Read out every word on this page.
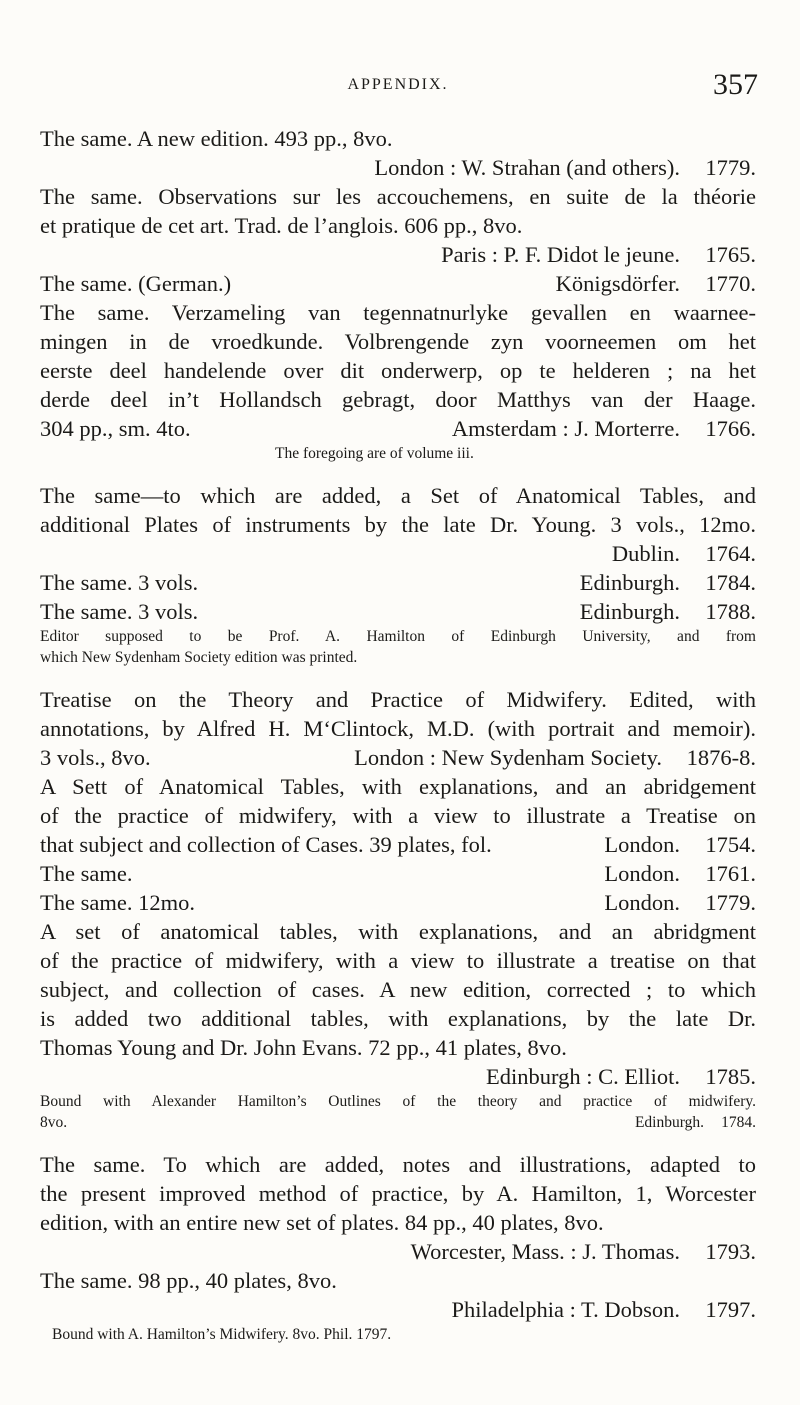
APPENDIX.	357
The same. A new edition. 493 pp., 8vo.
London : W. Strahan (and others).	1779.
The same. Observations sur les accouchemens, en suite de la théorie
et pratique de cet art. Trad. de l’anglois. 606 pp., 8vo.
Paris : P. F. Didot le jeune.	1765.
The same. (German.)	Königsdörfer.	1770.
The same. Verzameling van tegennatnurlyke gevallen en waarnee-
mingen in de vroedkunde. Volbrengende zyn voorneemen om het
eerste deel handelende over dit onderwerp, op te helderen ; na het
derde deel in’t Hollandsch gebragt, door Matthys van der Haage.
304 pp., sm. 4to.	Amsterdam : J. Morterre.	1766.
The foregoing are of volume iii.
The same—to which are added, a Set of Anatomical Tables, and
additional Plates of instruments by the late Dr. Young. 3 vols., 12mo.
Dublin.	1764.
The same. 3 vols.	Edinburgh.	1784.
The same. 3 vols.	Edinburgh.	1788.
Editor supposed to be Prof. A. Hamilton of Edinburgh University, and from
which New Sydenham Society edition was printed.
Treatise on the Theory and Practice of Midwifery. Edited, with
annotations, by Alfred H. M‘Clintock, M.D. (with portrait and memoir).
3 vols., 8vo.	London : New Sydenham Society.	1876-8.
A Sett of Anatomical Tables, with explanations, and an abridgement
of the practice of midwifery, with a view to illustrate a Treatise on
that subject and collection of Cases. 39 plates, fol.	London.	1754.
The same.	London.	1761.
The same. 12mo.	London.	1779.
A set of anatomical tables, with explanations, and an abridgment
of the practice of midwifery, with a view to illustrate a treatise on that
subject, and collection of cases. A new edition, corrected ; to which
is added two additional tables, with explanations, by the late Dr.
Thomas Young and Dr. John Evans. 72 pp., 41 plates, 8vo.
Edinburgh : C. Elliot.	1785.
Bound with Alexander Hamilton’s Outlines of the theory and practice of midwifery.
8vo.	Edinburgh.	1784.
The same. To which are added, notes and illustrations, adapted to
the present improved method of practice, by A. Hamilton, 1, Worcester
edition, with an entire new set of plates. 84 pp., 40 plates, 8vo.
Worcester, Mass. : J. Thomas.	1793.
The same. 98 pp., 40 plates, 8vo.
Philadelphia : T. Dobson.	1797.
Bound with A. Hamilton’s Midwifery. 8vo. Phil. 1797.
